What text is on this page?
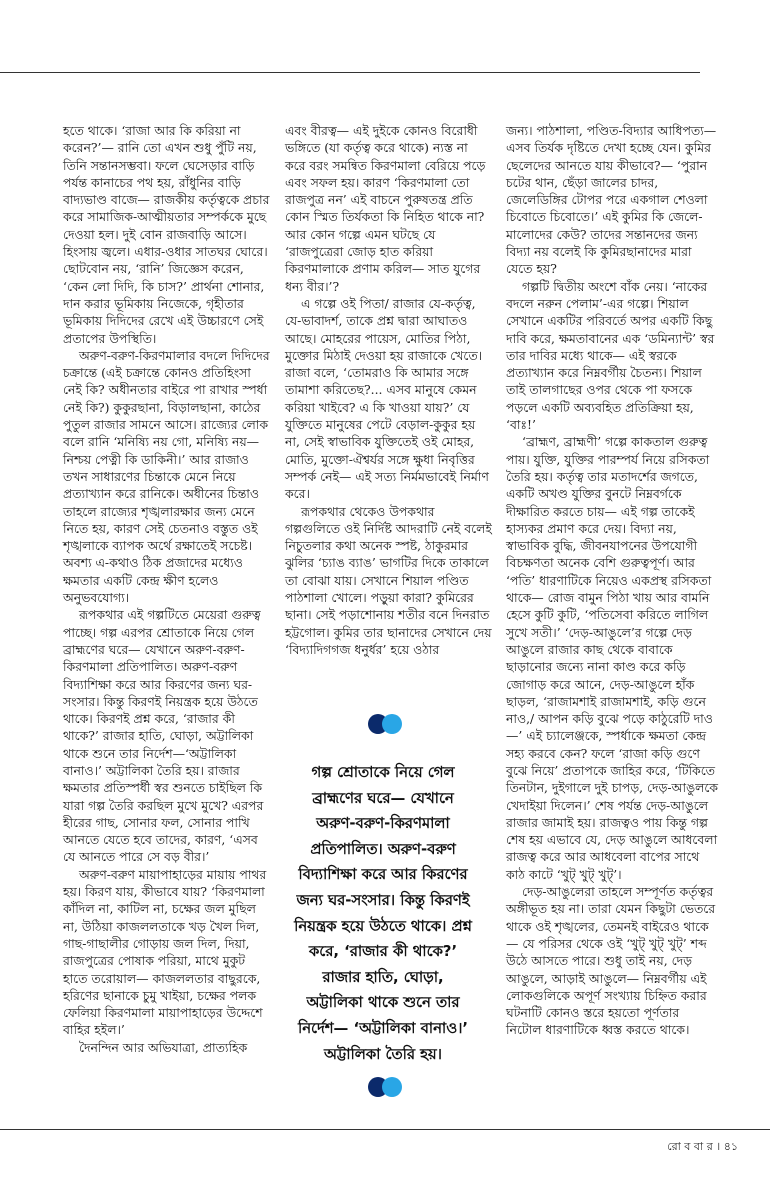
হতে থাকে। ‘রাজা আর কি করিয়া না করেন?’— রানি তো এখন শুধু পুঁটি নয়, তিনি সন্তানসম্ভবা। ফলে ঘেসেড়ার বাড়ি পর্যন্ত কানাচের পথ হয়, রাঁধুনির বাড়ি বাদ্যভাণ্ড বাজে— রাজকীয় কর্তৃত্বকে প্রচার করে সামাজিক-আত্মীয়তার সম্পর্ককে মুছে দেওয়া হল। দুই বোন রাজবাড়ি আসে। হিংসায় জ্বলে। এধার-ওধার সাতঘর ঘোরে। ছোটবোন নয়, ‘রানি’ জিজ্ঞেস করেন, ‘কেন লো দিদি, কি চাস?’ প্রার্থনা শোনার, দান করার ভূমিকায় নিজেকে, গৃহীতার ভূমিকায় দিদিদের রেখে এই উচ্চারণে সেই প্রতাপের উপস্থিতি।

অরুণ-বরুণ-কিরণমালার বদলে দিদিদের চক্রান্তে (এই চক্রান্তে কোনও প্রতিহিংসা নেই কি? অধীনতার বাইরে পা রাখার স্পর্ধা নেই কি?) কুকুরছানা, বিড়ালছানা, কাঠের পুতুল রাজার সামনে আসে। রাজ্যের লোক বলে রানি ‘মনিষ্যি নয় গো, মনিষ্যি নয়— নিশ্চয় পেত্নী কি ডাকিনী।’ আর রাজাও তখন সাধারণের চিন্তাকে মেনে নিয়ে প্রত্যাখ্যান করে রানিকে। অধীনের চিন্তাও তাহলে রাজ্যের শৃঙ্খলারক্ষার জন্য মেনে নিতে হয়, কারণ সেই চেতনাও বস্তুত ওই শৃঙ্খলাকে ব্যাপক অর্থে রক্ষাতেই সচেষ্ট। অবশ্য এ-কথাও ঠিক প্রজাদের মধ্যেও ক্ষমতার একটি কেন্দ্র ক্ষীণ হলেও অনুভবযোগ্য।

রূপকথার এই গল্পটিতে মেয়েরা গুরুত্ব পাচ্ছে। গল্প এরপর শ্রোতাকে নিয়ে গেল ব্রাহ্মণের ঘরে— যেখানে অরুণ-বরুণ-কিরণমালা প্রতিপালিত। অরুণ-বরুণ বিদ্যাশিক্ষা করে আর কিরণের জন্য ঘর-সংসার। কিন্তু কিরণই নিয়ন্ত্রক হয়ে উঠতে থাকে। কিরণই প্রশ্ন করে, ‘রাজার কী থাকে?’ রাজার হাতি, ঘোড়া, অট্টালিকা থাকে শুনে তার নির্দেশ—‘অট্টালিকা বানাও।’ অট্টালিকা তৈরি হয়। রাজার ক্ষমতার প্রতিস্পর্ধী স্বর শুনতে চাইছিল কি যারা গল্প তৈরি করছিল মুখে মুখে? এরপর হীরের গাছ, সোনার ফল, সোনার পাখি আনতে যেতে হবে তাদের, কারণ, ‘এসব যে আনতে পারে সে বড় বীর।’

অরুণ-বরুণ মায়াপাহাড়ের মায়ায় পাথর হয়। কিরণ যায়, কীভাবে যায়? ‘কিরণমালা কাঁদিল না, কাটিল না, চক্ষের জল মুছিল না, উঠিয়া কাজললতাকে খড় খৈল দিল, গাছ-গাছালীর গোড়ায় জল দিল, দিয়া, রাজপুত্রের পোষাক পরিয়া, মাথে মুকুট হাতে তরোয়াল— কাজললতার বাছুরকে, হরিণের ছানাকে চুমু খাইয়া, চক্ষের পলক ফেলিয়া কিরণমালা মায়াপাহাড়ের উদ্দেশে বাহির হইল।’

দৈনন্দিন আর অভিযাত্রা, প্রাত্যহিক

এবং বীরত্ব— এই দুইকে কোনও বিরোধী ভঙ্গিতে (যা কর্তৃত্ব করে থাকে) ন্যস্ত না করে বরং সমন্বিত কিরণমালা বেরিয়ে পড়ে এবং সফল হয়। কারণ ‘কিরণমালা তো রাজপুত্র নন’ এই বাচনে পুরুষতন্ত্র প্রতি কোন স্মিত তির্যকতা কি নিহিত থাকে না? আর কোন গল্পে এমন ঘটছে যে ‘রাজপুত্রেরা জোড় হাত করিয়া কিরণমালাকে প্রণাম করিল— সাত যুগের ধন্য বীর।’?

এ গল্পে ওই পিতা/ রাজার যে-কর্তৃত্ব, যে-ভাবাদর্শ, তাকে প্রশ্ন দ্বারা আঘাতও আছে। মোহরের পায়েস, মোতির পিঠা, মুক্তোর মিঠাই দেওয়া হয় রাজাকে খেতে। রাজা বলে, ‘তোমরাও কি আমার সঙ্গে তামাশা করিতেছ?... এসব মানুষে কেমন করিয়া খাইবে? এ কি খাওয়া যায়?’ যে যুক্তিতে মানুষের পেটে বেড়াল-কুকুর হয় না, সেই স্বাভাবিক যুক্তিতেই ওই মোহর, মোতি, মুক্তো-ঐশ্বর্যর সঙ্গে ক্ষুধা নিবৃত্তির সম্পর্ক নেই— এই সত্য নির্মমভাবেই নির্মাণ করে।

রূপকথার থেকেও উপকথার গল্পগুলিতে ওই নির্দিষ্ট আদরাটি নেই বলেই নিচুতলার কথা অনেক স্পষ্ট, ঠাকুরমার ঝুলির ‘চ্যাঙ ব্যাঙ’ ভাগটির দিকে তাকালে তা বোঝা যায়। সেখানে শিয়াল পণ্ডিত পাঠশালা খোলে। পড়ুয়া কারা? কুমিরের ছানা। সেই পড়াশোনায় শতীর বনে দিনরাত হট্টগোল। কুমির তার ছানাদের সেখানে দেয় ‘বিদ্যাদিগগজ ধনুর্ধর’ হয়ে ওঠার

জন্য। পাঠশালা, পণ্ডিত-বিদ্যার আধিপত্য— এসব তির্যক দৃষ্টিতে দেখা হচ্ছে যেন। কুমির ছেলেদের আনতে যায় কীভাবে?— ‘পুরান চটের থান, ছেঁড়া জালের চাদর, জেলেডিঙ্গির টোপর পরে একগাল শেওলা চিবোতে চিবোতে।’ এই কুমির কি জেলে-মালোদের কেউ? তাদের সন্তানদের জন্য বিদ্যা নয় বলেই কি কুমিরছানাদের মারা যেতে হয়?

গল্পটি দ্বিতীয় অংশে বাঁক নেয়। ‘নাকের বদলে নরুন পেলাম’-এর গল্পে। শিয়াল সেখানে একটির পরিবর্তে অপর একটি কিছু দাবি করে, ক্ষমতাবানের এক ‘ডমিন্যান্ট’ স্বর তার দাবির মধ্যে থাকে— এই স্বরকে প্রত্যাখ্যান করে নিম্নবর্গীয় চৈতন্য। শিয়াল তাই তালগাছের ওপর থেকে পা ফসকে পড়লে একটি অব্যবহিত প্রতিক্রিয়া হয়, ‘বাঃ!’

‘ব্রাহ্মণ, ব্রাহ্মণী’ গল্পে কাকতাল গুরুত্ব পায়। যুক্তি, যুক্তির পারম্পর্য নিয়ে রসিকতা তৈরি হয়। কর্তৃত্ব তার মতাদর্শের জগতে, একটি অখণ্ড যুক্তির বুনটে নিম্নবর্গকে দীক্ষারিত করতে চায়— এই গল্প তাকেই হাস্যকর প্রমাণ করে দেয়। বিদ্যা নয়, স্বাভাবিক বুদ্ধি, জীবনযাপনের উপযোগী বিচক্ষণতা অনেক বেশি গুরুত্বপূর্ণ। আর ‘পতি’ ধারণাটিকে নিয়েও একপ্রস্থ রসিকতা থাকে— রোজ বামুন পিঠা খায় আর বামনি হেসে কুটি কুটি, ‘পতিসেবা করিতে লাগিল সুখে সতী।’ ‘দেড়-আঙুলে’র গল্পে দেড় আঙুলে রাজার কাছ থেকে বাবাকে ছাড়ানোর জন্যে নানা কাণ্ড করে কড়ি জোগাড় করে আনে, দেড়-আঙুলে হাঁক ছাড়ল, ‘রাজামশাই রাজামশাই, কড়ি গুনে নাও,/ আপন কড়ি বুঝে পড়ে কাঠুরেটি দাও—’ এই চ্যালেঞ্জকে, স্পর্ধাকে ক্ষমতা কেন্দ্র সহ্য করবে কেন? ফলে ‘রাজা কড়ি গুণে বুঝে নিয়ে’ প্রতাপকে জাহির করে, ‘টিকিতে তিনটান, দুইগালে দুই চাপড়, দেড়-আঙুলকে খেদাইয়া দিলেন।’ শেষ পর্যন্ত দেড়-আঙুলে রাজার জামাই হয়। রাজত্বও পায় কিন্তু গল্প শেষ হয় এভাবে যে, দেড় আঙুলে আধবেলা রাজত্ব করে আর আধবেলা বাপের সাথে কাঠ কাটে ‘খুট্ খুট্ খুট্’।

দেড়-আঙুলেরা তাহলে সম্পূর্ণত কর্তৃত্বর অঙ্গীভূত হয় না। তারা যেমন কিছুটা ভেতরে থাকে ওই শৃঙ্খলের, তেমনই বাইরেও থাকে— যে পরিসর থেকে ওই ‘খুট্ খুট্ খুট্’ শব্দ উঠে আসতে পারে। শুধু তাই নয়, দেড় আঙুলে, আড়াই আঙুলে— নিম্নবর্গীয় এই লোকগুলিকে অপূর্ণ সংখ্যায় চিহ্নিত করার ঘটনাটি কোনও স্তরে হয়তো পূর্ণতার নিটোল ধারণাটিকে ধ্বস্ত করতে থাকে।

গল্প শ্রোতাকে নিয়ে গেল ব্রাহ্মণের ঘরে— যেখানে অরুণ-বরুণ-কিরণমালা প্রতিপালিত। অরুণ-বরুণ বিদ্যাশিক্ষা করে আর কিরণের জন্য ঘর-সংসার। কিন্তু কিরণই নিয়ন্ত্রক হয়ে উঠতে থাকে। প্রশ্ন করে, ‘রাজার কী থাকে?’ রাজার হাতি, ঘোড়া, অট্টালিকা থাকে শুনে তার নির্দেশ— ‘অট্টালিকা বানাও।’ অট্টালিকা তৈরি হয়।
রো ব বা র । ৪১
